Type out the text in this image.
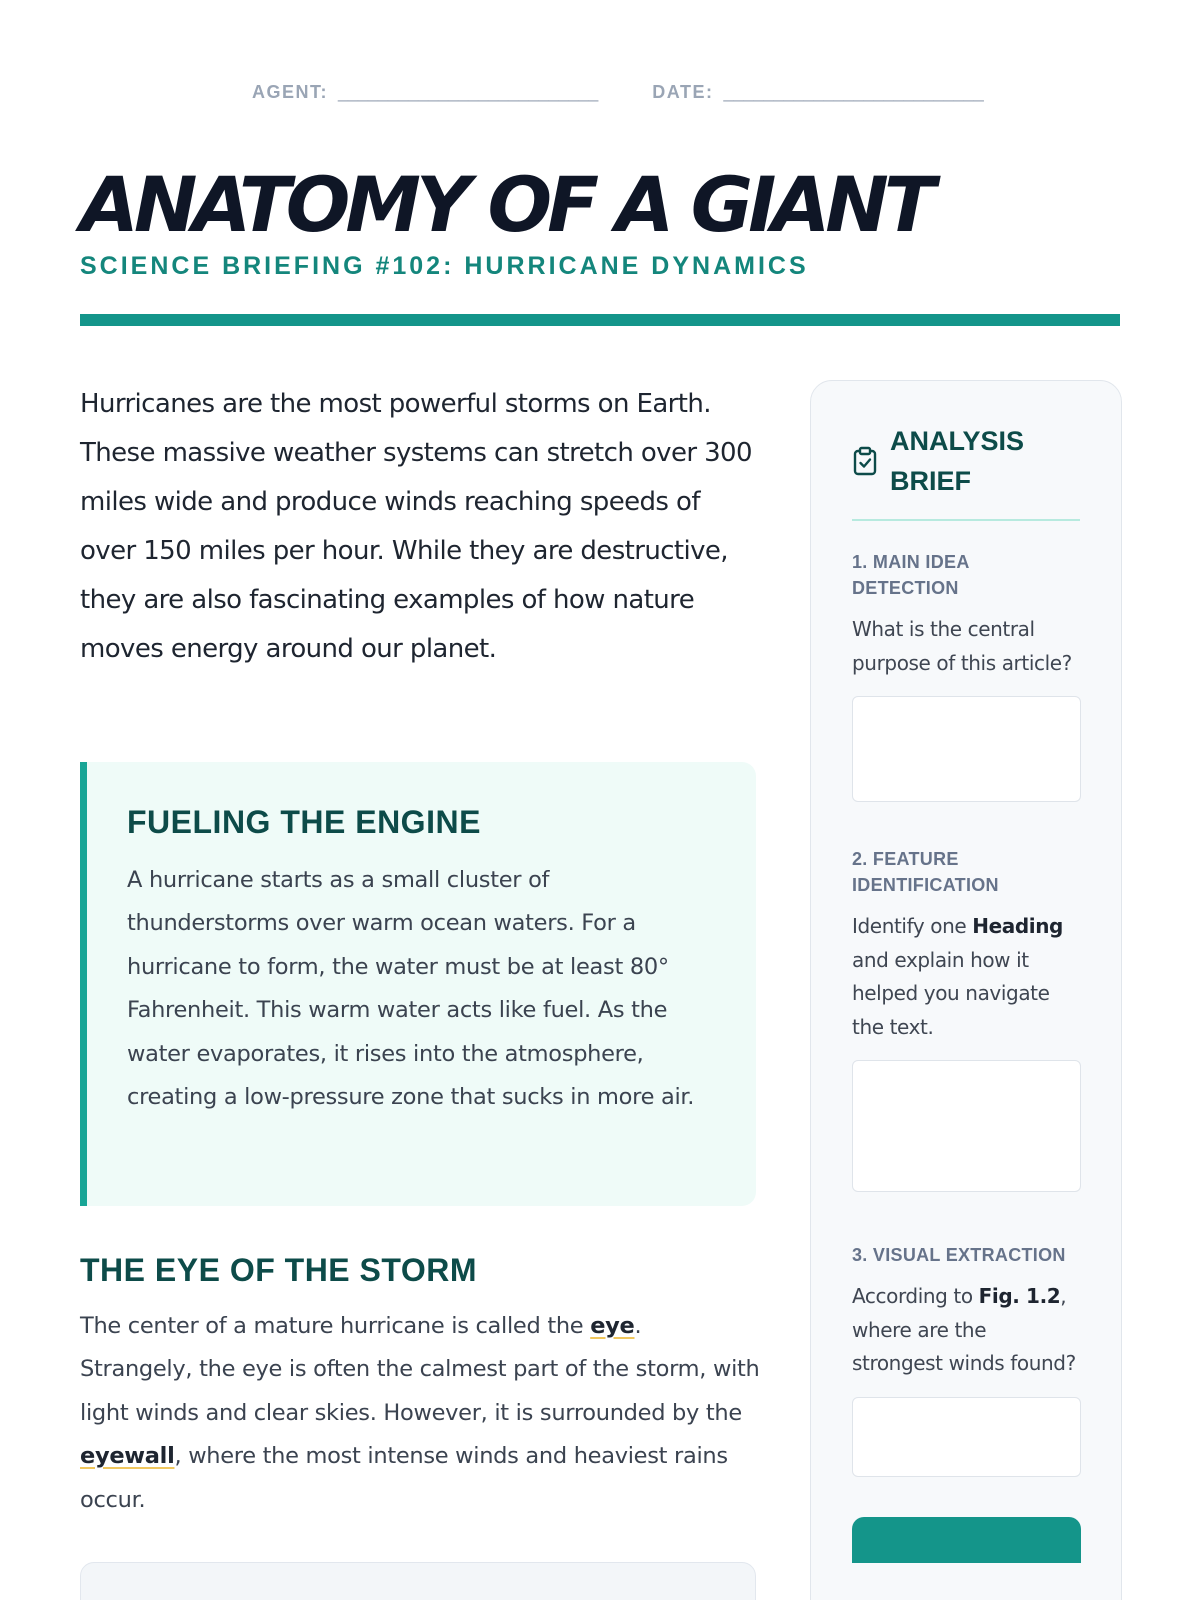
AGENT: __________________________	DATE: __________________________
ANATOMY OF A GIANT
SCIENCE BRIEFING #102: HURRICANE DYNAMICS

Hurricanes are the most powerful storms on Earth. These massive weather systems can stretch over 300 miles wide and produce winds reaching speeds of over 150 miles per hour. While they are destructive, they are also fascinating examples of how nature moves energy around our planet.

FUELING THE ENGINE

A hurricane starts as a small cluster of thunderstorms over warm ocean waters. For a hurricane to form, the water must be at least 80° Fahrenheit. This warm water acts like fuel. As the water evaporates, it rises into the atmosphere, creating a low-pressure zone that sucks in more air.

THE EYE OF THE STORM

The center of a mature hurricane is called the eye. Strangely, the eye is often the calmest part of the storm, with light winds and clear skies. However, it is surrounded by the eyewall, where the most intense winds and heaviest rains occur.

ANALYSIS BRIEF
1. MAIN IDEA DETECTION
What is the central purpose of this article?
2. FEATURE IDENTIFICATION
Identify one Heading and explain how it helped you navigate the text.
3. VISUAL EXTRACTION
According to Fig. 1.2, where are the strongest winds found?
